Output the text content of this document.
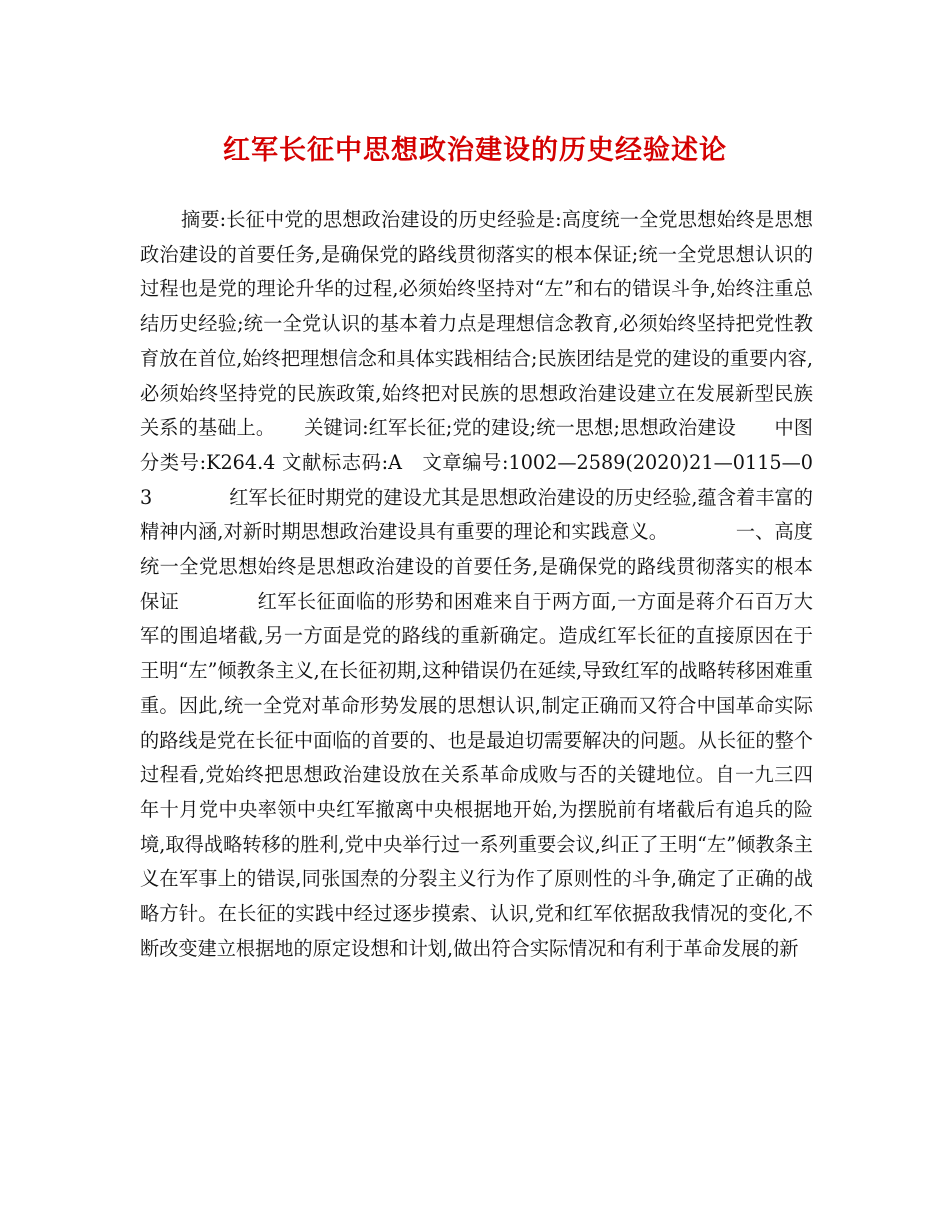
红军长征中思想政治建设的历史经验述论

摘要:长征中党的思想政治建设的历史经验是:高度统一全党思想始终是思想政治建设的首要任务,是确保党的路线贯彻落实的根本保证;统一全党思想认识的过程也是党的理论升华的过程,必须始终坚持对“左”和右的错误斗争,始终注重总结历史经验;统一全党认识的基本着力点是理想信念教育,必须始终坚持把党性教育放在首位,始终把理想信念和具体实践相结合;民族团结是党的建设的重要内容,必须始终坚持党的民族政策,始终把对民族的思想政治建设建立在发展新型民族关系的基础上。　　关键词:红军长征;党的建设;统一思想;思想政治建设　　中图分类号:K264.4 文献标志码:A　文章编号:1002—2589(2020)21—0115—03　　　　红军长征时期党的建设尤其是思想政治建设的历史经验,蕴含着丰富的精神内涵,对新时期思想政治建设具有重要的理论和实践意义。　　　　一、高度统一全党思想始终是思想政治建设的首要任务,是确保党的路线贯彻落实的根本保证　　　　红军长征面临的形势和困难来自于两方面,一方面是蒋介石百万大军的围追堵截,另一方面是党的路线的重新确定。造成红军长征的直接原因在于王明“左”倾教条主义,在长征初期,这种错误仍在延续,导致红军的战略转移困难重重。因此,统一全党对革命形势发展的思想认识,制定正确而又符合中国革命实际的路线是党在长征中面临的首要的、也是最迫切需要解决的问题。从长征的整个过程看,党始终把思想政治建设放在关系革命成败与否的关键地位。自一九三四年十月党中央率领中央红军撤离中央根据地开始,为摆脱前有堵截后有追兵的险境,取得战略转移的胜利,党中央举行过一系列重要会议,纠正了王明“左”倾教条主义在军事上的错误,同张国焘的分裂主义行为作了原则性的斗争,确定了正确的战略方针。在长征的实践中经过逐步摸索、认识,党和红军依据敌我情况的变化,不断改变建立根据地的原定设想和计划,做出符合实际情况和有利于革命发展的新
